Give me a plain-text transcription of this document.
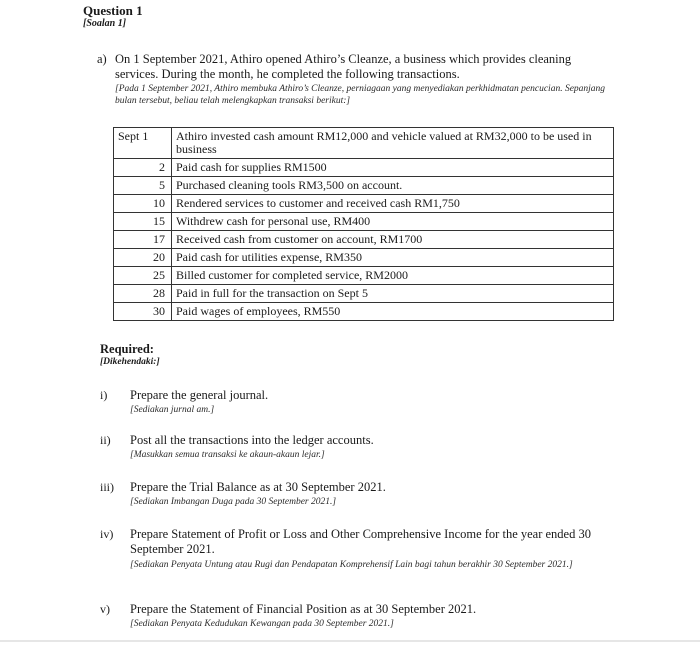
Question 1
[Soalan 1]
a) On 1 September 2021, Athiro opened Athiro’s Cleanze, a business which provides cleaning services. During the month, he completed the following transactions.
[Pada 1 September 2021, Athiro membuka Athiro’s Cleanze, perniagaan yang menyediakan perkhidmatan pencucian. Sepanjang bulan tersebut, beliau telah melengkapkan transaksi berikut:]
Sept 1	Athiro invested cash amount RM12,000 and vehicle valued at RM32,000 to be used in business
2	Paid cash for supplies RM1500
5	Purchased cleaning tools RM3,500 on account.
10	Rendered services to customer and received cash RM1,750
15	Withdrew cash for personal use, RM400
17	Received cash from customer on account, RM1700
20	Paid cash for utilities expense, RM350
25	Billed customer for completed service, RM2000
28	Paid in full for the transaction on Sept 5
30	Paid wages of employees, RM550
Required:
[Dikehendaki:]
i) Prepare the general journal.
[Sediakan jurnal am.]
ii) Post all the transactions into the ledger accounts.
[Masukkan semua transaksi ke akaun-akaun lejar.]
iii) Prepare the Trial Balance as at 30 September 2021.
[Sediakan Imbangan Duga pada 30 September 2021.]
iv) Prepare Statement of Profit or Loss and Other Comprehensive Income for the year ended 30 September 2021.
[Sediakan Penyata Untung atau Rugi dan Pendapatan Komprehensif Lain bagi tahun berakhir 30 September 2021.]
v) Prepare the Statement of Financial Position as at 30 September 2021.
[Sediakan Penyata Kedudukan Kewangan pada 30 September 2021.]
